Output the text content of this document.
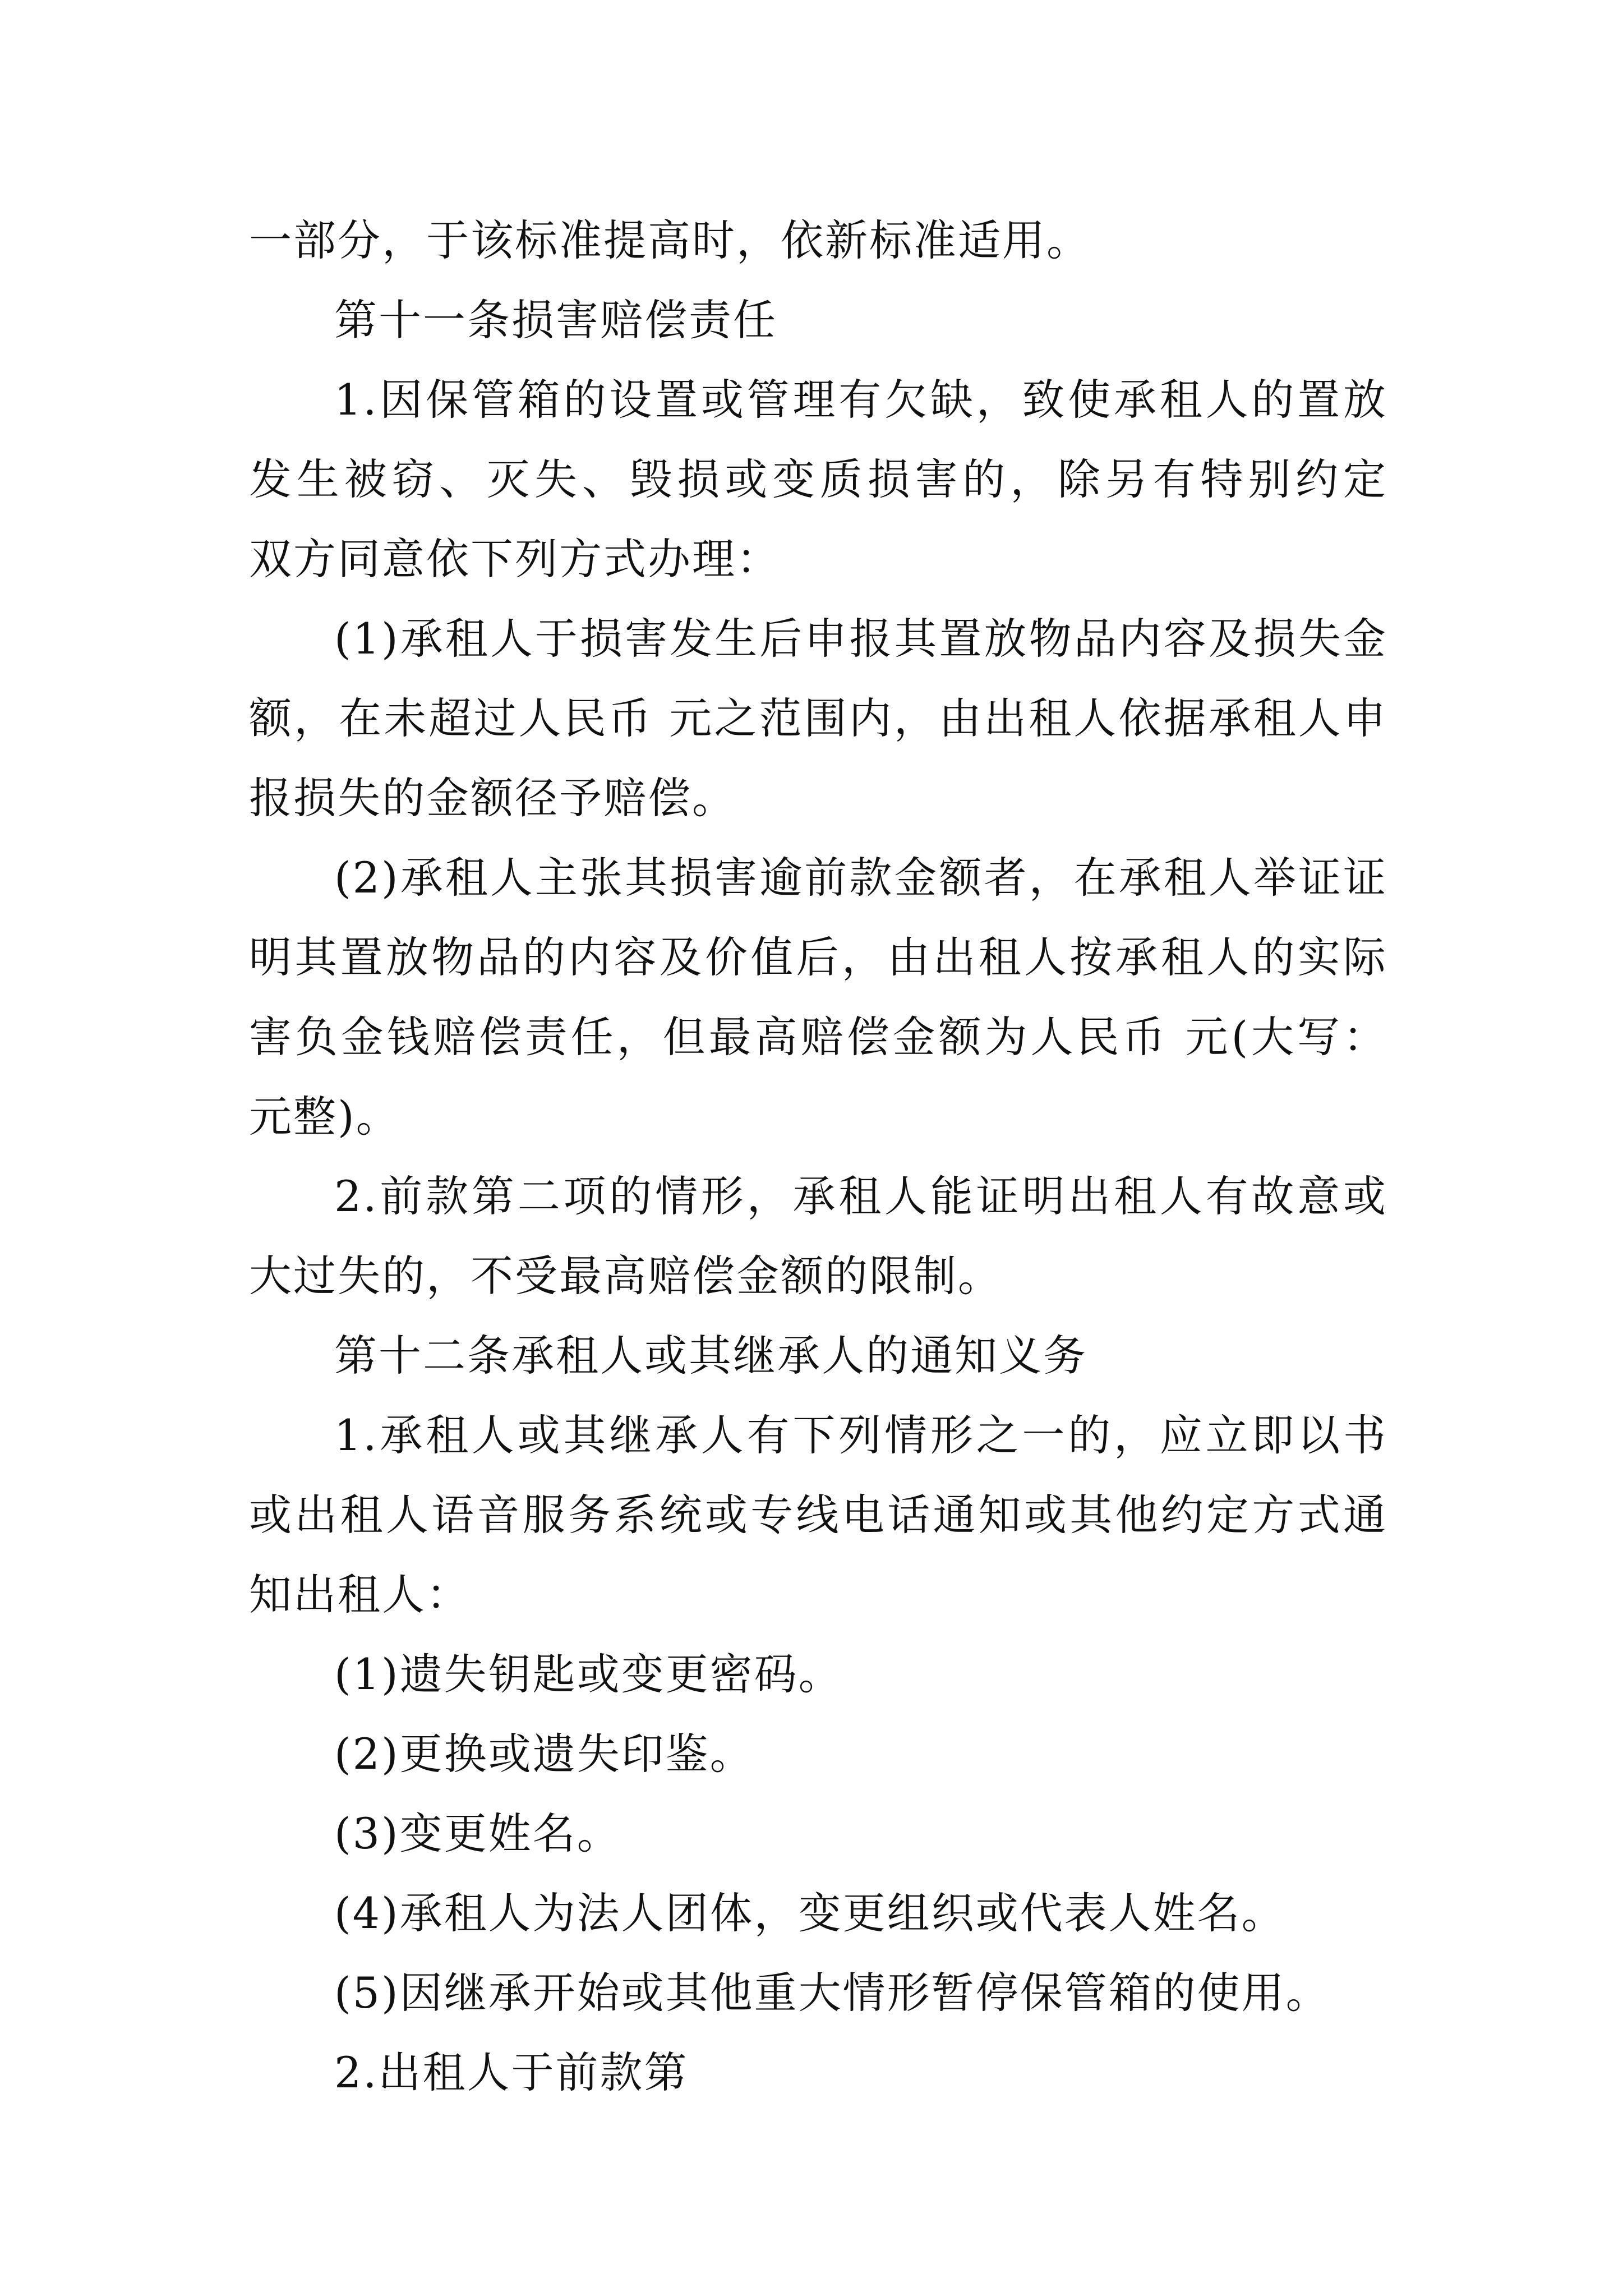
一部分，于该标准提高时，依新标准适用。
第十一条损害赔偿责任
1.因保管箱的设置或管理有欠缺，致使承租人的置放
发生被窃、灭失、毁损或变质损害的，除另有特别约定
双方同意依下列方式办理：
(1)承租人于损害发生后申报其置放物品内容及损失金
额，在未超过人民币 元之范围内，由出租人依据承租人申
报损失的金额径予赔偿。
(2)承租人主张其损害逾前款金额者，在承租人举证证
明其置放物品的内容及价值后，由出租人按承租人的实际
害负金钱赔偿责任，但最高赔偿金额为人民币 元(大写：
元整)。
2.前款第二项的情形，承租人能证明出租人有故意或
大过失的，不受最高赔偿金额的限制。
第十二条承租人或其继承人的通知义务
1.承租人或其继承人有下列情形之一的，应立即以书
或出租人语音服务系统或专线电话通知或其他约定方式通
知出租人：
(1)遗失钥匙或变更密码。
(2)更换或遗失印鉴。
(3)变更姓名。
(4)承租人为法人团体，变更组织或代表人姓名。
(5)因继承开始或其他重大情形暂停保管箱的使用。
2.出租人于前款第
